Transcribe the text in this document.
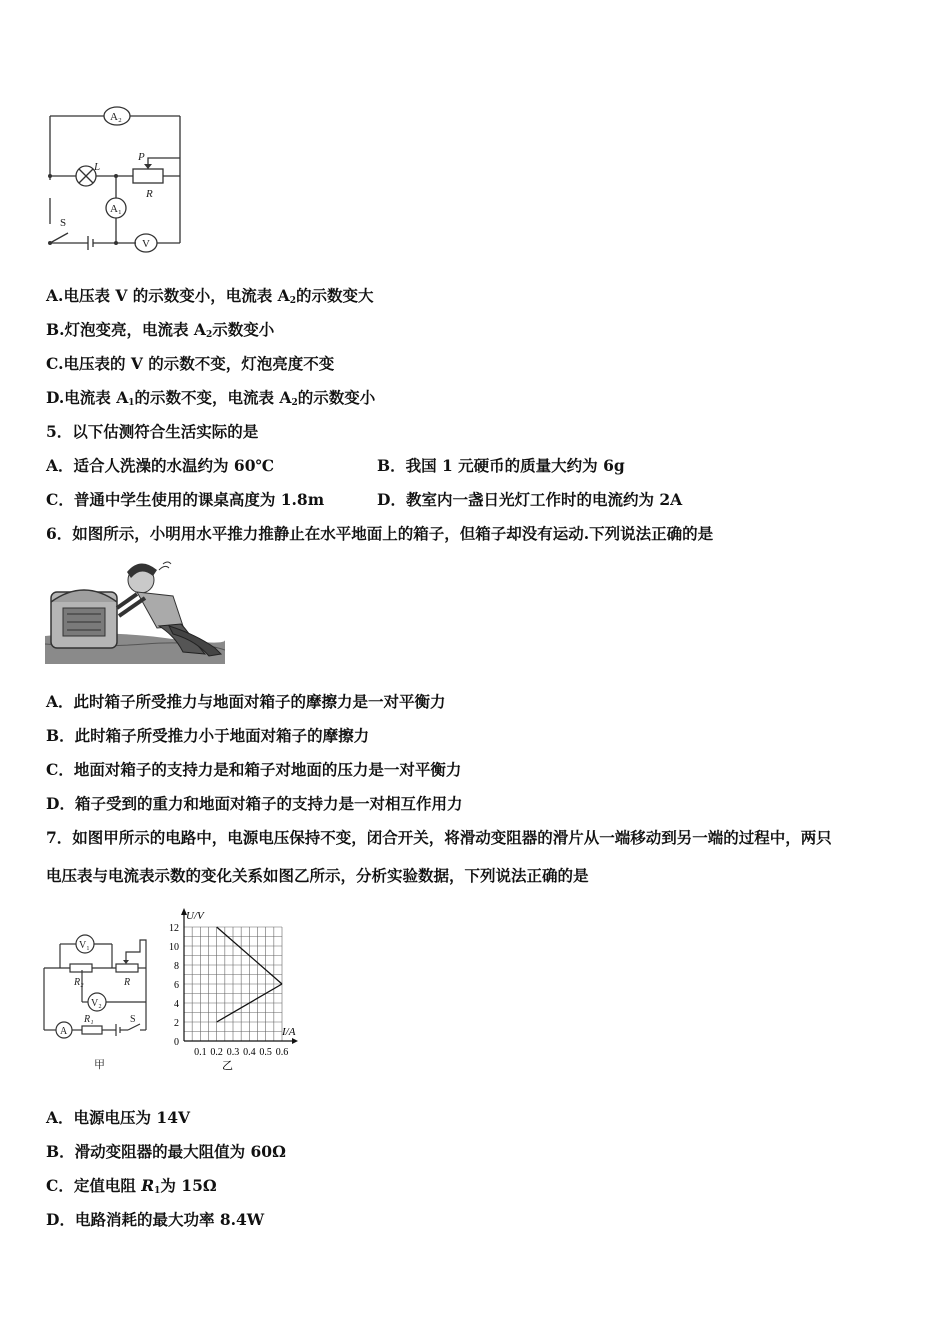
A₂
L
P
R
A₁
S
V
A.电压表 V 的示数变小，电流表 $A_2$的示数变大
B.灯泡变亮，电流表 $A_2$示数变小
C.电压表的 V 的示数不变，灯泡亮度不变
D.电流表 $A_1$的示数不变，电流表 $A_2$的示数变小
5．以下估测符合生活实际的是
A．适合人洗澡的水温约为 60℃	B．我国 1 元硬币的质量大约为 6g
C．普通中学生使用的课桌高度为 1.8m	D．教室内一盏日光灯工作时的电流约为 2A
6．如图所示，小明用水平推力推静止在水平地面上的箱子，但箱子却没有运动.下列说法正确的是
A．此时箱子所受推力与地面对箱子的摩擦力是一对平衡力
B．此时箱子所受推力小于地面对箱子的摩擦力
C．地面对箱子的支持力是和箱子对地面的压力是一对平衡力
D．箱子受到的重力和地面对箱子的支持力是一对相互作用力
7．如图甲所示的电路中，电源电压保持不变，闭合开关，将滑动变阻器的滑片从一端移动到另一端的过程中，两只
电压表与电流表示数的变化关系如图乙所示，分析实验数据，下列说法正确的是
V₁
R₂	R
V₂
A
R₁	S
甲
0
2
4
6
8
10
12
0.1 0.2 0.3 0.4 0.5 0.6
U/V
I/A
乙
A．电源电压为 14V
B．滑动变阻器的最大阻值为 60Ω
C．定值电阻 $R_1$为 15Ω
D．电路消耗的最大功率 8.4W
